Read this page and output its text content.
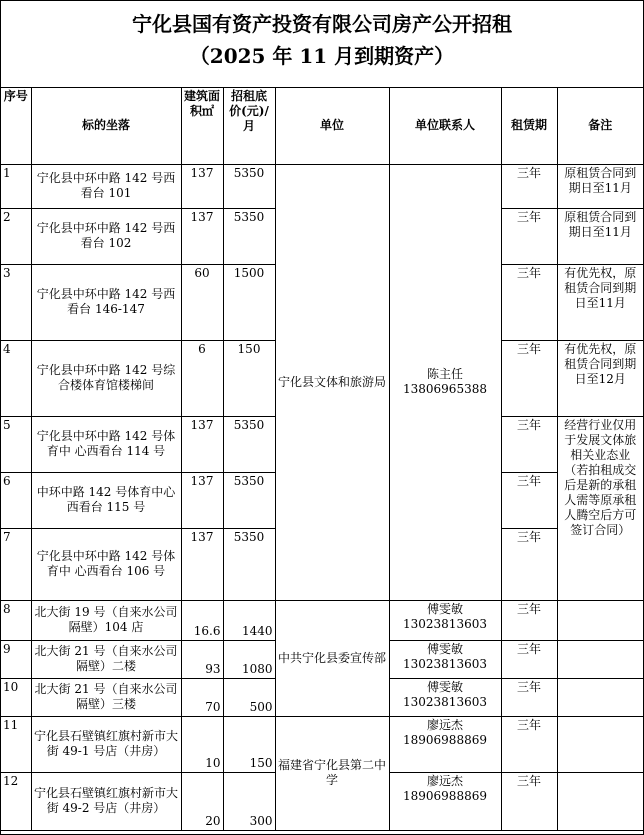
宁化县国有资产投资有限公司房产公开招租
（2025 年 11 月到期资产）
序号	标的坐落	建筑面积㎡	招租底价(元)/月	单位	单位联系人	租赁期	备注
1	宁化县中环中路 142 号西看台 101	137	5350	宁化县文体和旅游局	陈主任 13806965388	三年	原租赁合同到期日至11月
2	宁化县中环中路 142 号西看台 102	137	5350			三年	原租赁合同到期日至11月
3	宁化县中环中路 142 号西看台 146-147	60	1500			三年	有优先权，原租赁合同到期日至11月
4	宁化县中环中路 142 号综合楼体育馆楼梯间	6	150			三年	有优先权，原租赁合同到期日至12月
5	宁化县中环中路 142 号体育中 心西看台 114 号	137	5350			三年	经营行业仅用于发展文体旅相关业态业（若拍租成交后是新的承租人需等原承租人腾空后方可签订合同）
6	中环中路 142 号体育中心西看台 115 号	137	5350			三年	
7	宁化县中环中路 142 号体育中 心西看台 106 号	137	5350			三年	
8	北大街 19 号（自来水公司隔壁）104 店	16.6	1440	中共宁化县委宣传部	傅雯敏 13023813603	三年	
9	北大街 21 号（自来水公司隔壁）二楼	93	1080		傅雯敏 13023813603	三年	
10	北大街 21 号（自来水公司隔壁）三楼	70	500		傅雯敏 13023813603	三年	
11	宁化县石壁镇红旗村新市大街 49-1 号店（井房）	10	150	福建省宁化县第二中学	廖远杰 18906988869	三年	
12	宁化县石壁镇红旗村新市大街 49-2 号店（井房）	20	300		廖远杰 18906988869	三年	
